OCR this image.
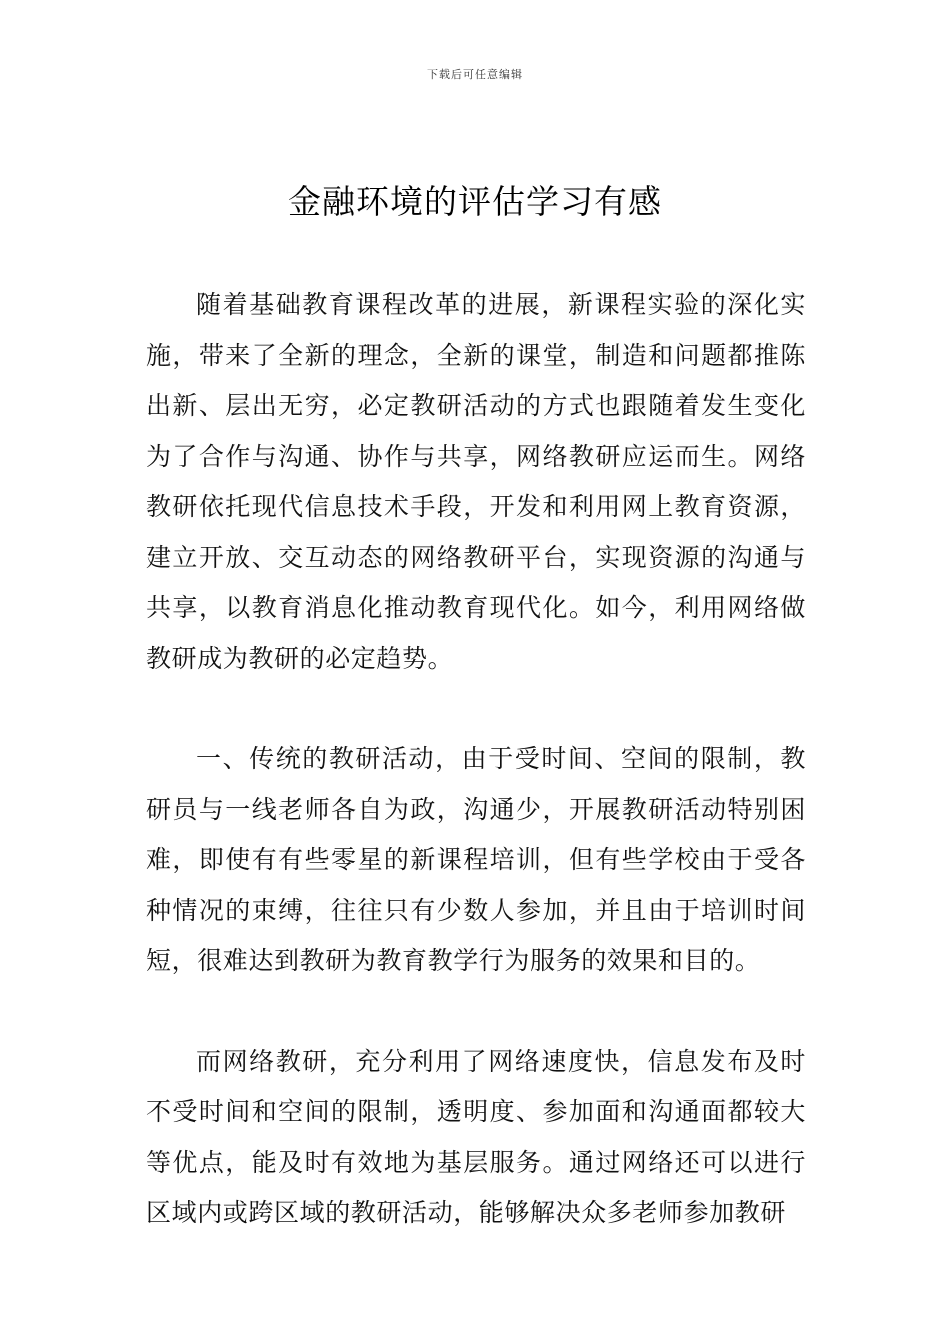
下载后可任意编辑
金融环境的评估学习有感

随着基础教育课程改革的进展，新课程实验的深化实施，带来了全新的理念，全新的课堂，制造和问题都推陈出新、层出无穷，必定教研活动的方式也跟随着发生变化为了合作与沟通、协作与共享，网络教研应运而生。网络教研依托现代信息技术手段，开发和利用网上教育资源，建立开放、交互动态的网络教研平台，实现资源的沟通与共享，以教育消息化推动教育现代化。如今，利用网络做教研成为教研的必定趋势。

一、传统的教研活动，由于受时间、空间的限制，教研员与一线老师各自为政，沟通少，开展教研活动特别困难，即使有有些零星的新课程培训，但有些学校由于受各种情况的束缚，往往只有少数人参加，并且由于培训时间短，很难达到教研为教育教学行为服务的效果和目的。

而网络教研，充分利用了网络速度快，信息发布及时不受时间和空间的限制，透明度、参加面和沟通面都较大等优点，能及时有效地为基层服务。通过网络还可以进行区域内或跨区域的教研活动，能够解决众多老师参加教研
